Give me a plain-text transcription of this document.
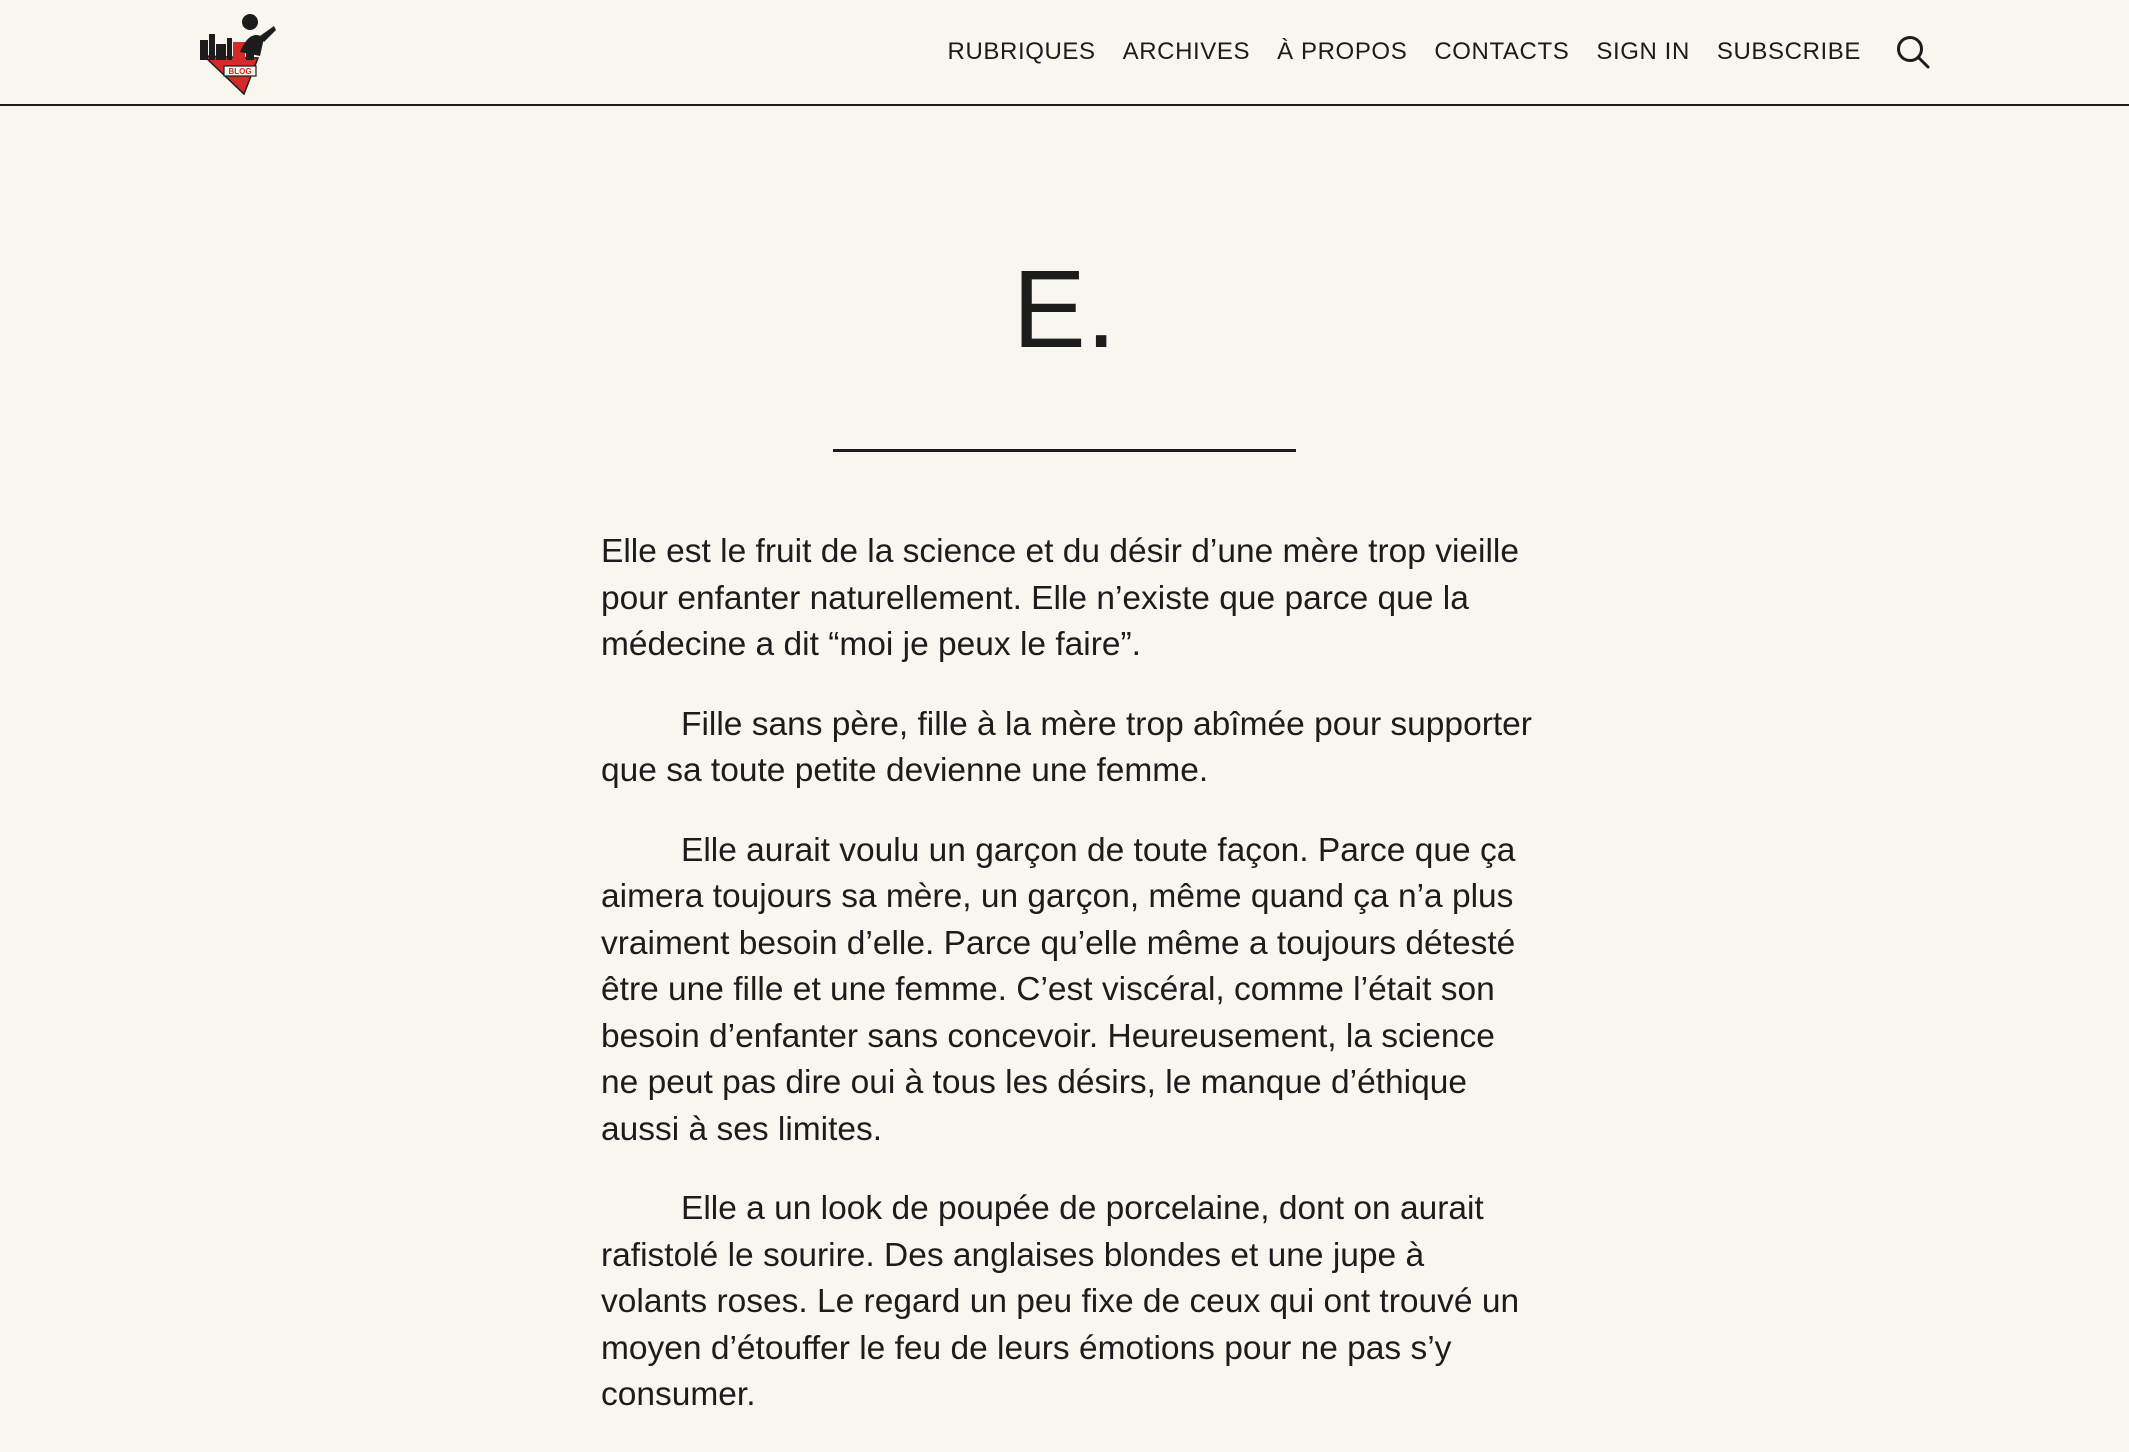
BLOG
RUBRIQUES ARCHIVES À PROPOS CONTACTS SIGN IN SUBSCRIBE
E.

Elle est le fruit de la science et du désir d’une mère trop vieille pour enfanter naturellement. Elle n’existe que parce que la médecine a dit “moi je peux le faire”.

Fille sans père, fille à la mère trop abîmée pour supporter que sa toute petite devienne une femme.

Elle aurait voulu un garçon de toute façon. Parce que ça aimera toujours sa mère, un garçon, même quand ça n’a plus vraiment besoin d’elle. Parce qu’elle même a toujours détesté être une fille et une femme. C’est viscéral, comme l’était son besoin d’enfanter sans concevoir. Heureusement, la science ne peut pas dire oui à tous les désirs, le manque d’éthique aussi à ses limites.

Elle a un look de poupée de porcelaine, dont on aurait rafistolé le sourire. Des anglaises blondes et une jupe à volants roses. Le regard un peu fixe de ceux qui ont trouvé un moyen d’étouffer le feu de leurs émotions pour ne pas s’y consumer.
